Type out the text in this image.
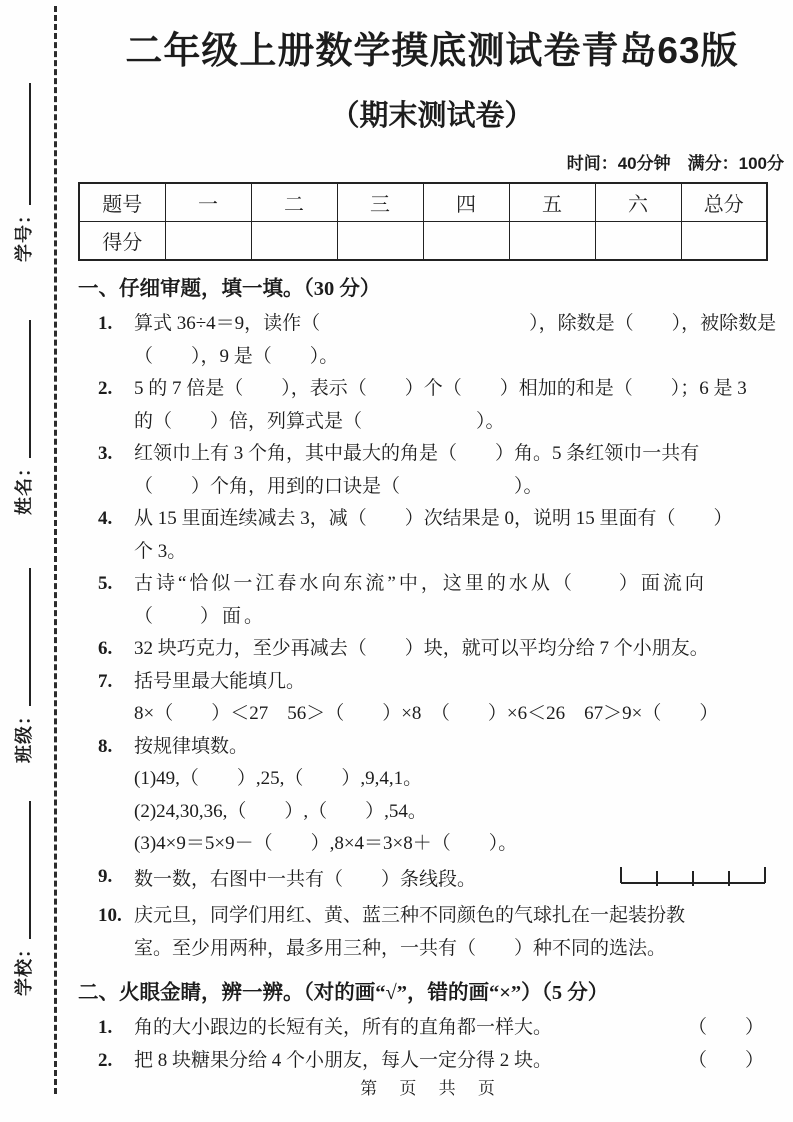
学号：
姓名：
班级：
学校：
二年级上册数学摸底测试卷青岛63版
（期末测试卷）
时间：40分钟　满分：100分
题号	一	二	三	四	五	六	总分
得分							
一、仔细审题，填一填。（30 分）
1.	算式 36÷4＝9，读作（　　　　　　　　　　　），除数是（　　），被除数是
（　　），9 是（　　）。
2.	5 的 7 倍是（　　），表示（　　）个（　　）相加的和是（　　）；6 是 3
的（　　）倍，列算式是（　　　　　　）。
3.	红领巾上有 3 个角，其中最大的角是（　　）角。5 条红领巾一共有
（　　）个角，用到的口诀是（　　　　　　）。
4.	从 15 里面连续减去 3，减（　　）次结果是 0，说明 15 里面有（　　）
个 3。
5.	古诗“恰似一江春水向东流”中，这里的水从（　　）面流向
（　　）面。
6.	32 块巧克力，至少再减去（　　）块，就可以平均分给 7 个小朋友。
7.	括号里最大能填几。
8×（　　）＜27　56＞（　　）×8　（　　）×6＜26　67＞9×（　　）
8.	按规律填数。
(1)49,（　　）,25,（　　）,9,4,1。
(2)24,30,36,（　　）,（　　）,54。
(3)4×9＝5×9－（　　）,8×4＝3×8＋（　　）。
9.	数一数，右图中一共有（　　）条线段。
10. 庆元旦，同学们用红、黄、蓝三种不同颜色的气球扎在一起装扮教
室。至少用两种，最多用三种，一共有（　　）种不同的选法。
二、火眼金睛，辨一辨。（对的画“√”，错的画“×”）（5 分）
1.	角的大小跟边的长短有关，所有的直角都一样大。	（　　）
2.	把 8 块糖果分给 4 个小朋友，每人一定分得 2 块。	（　　）
第 页 共 页
